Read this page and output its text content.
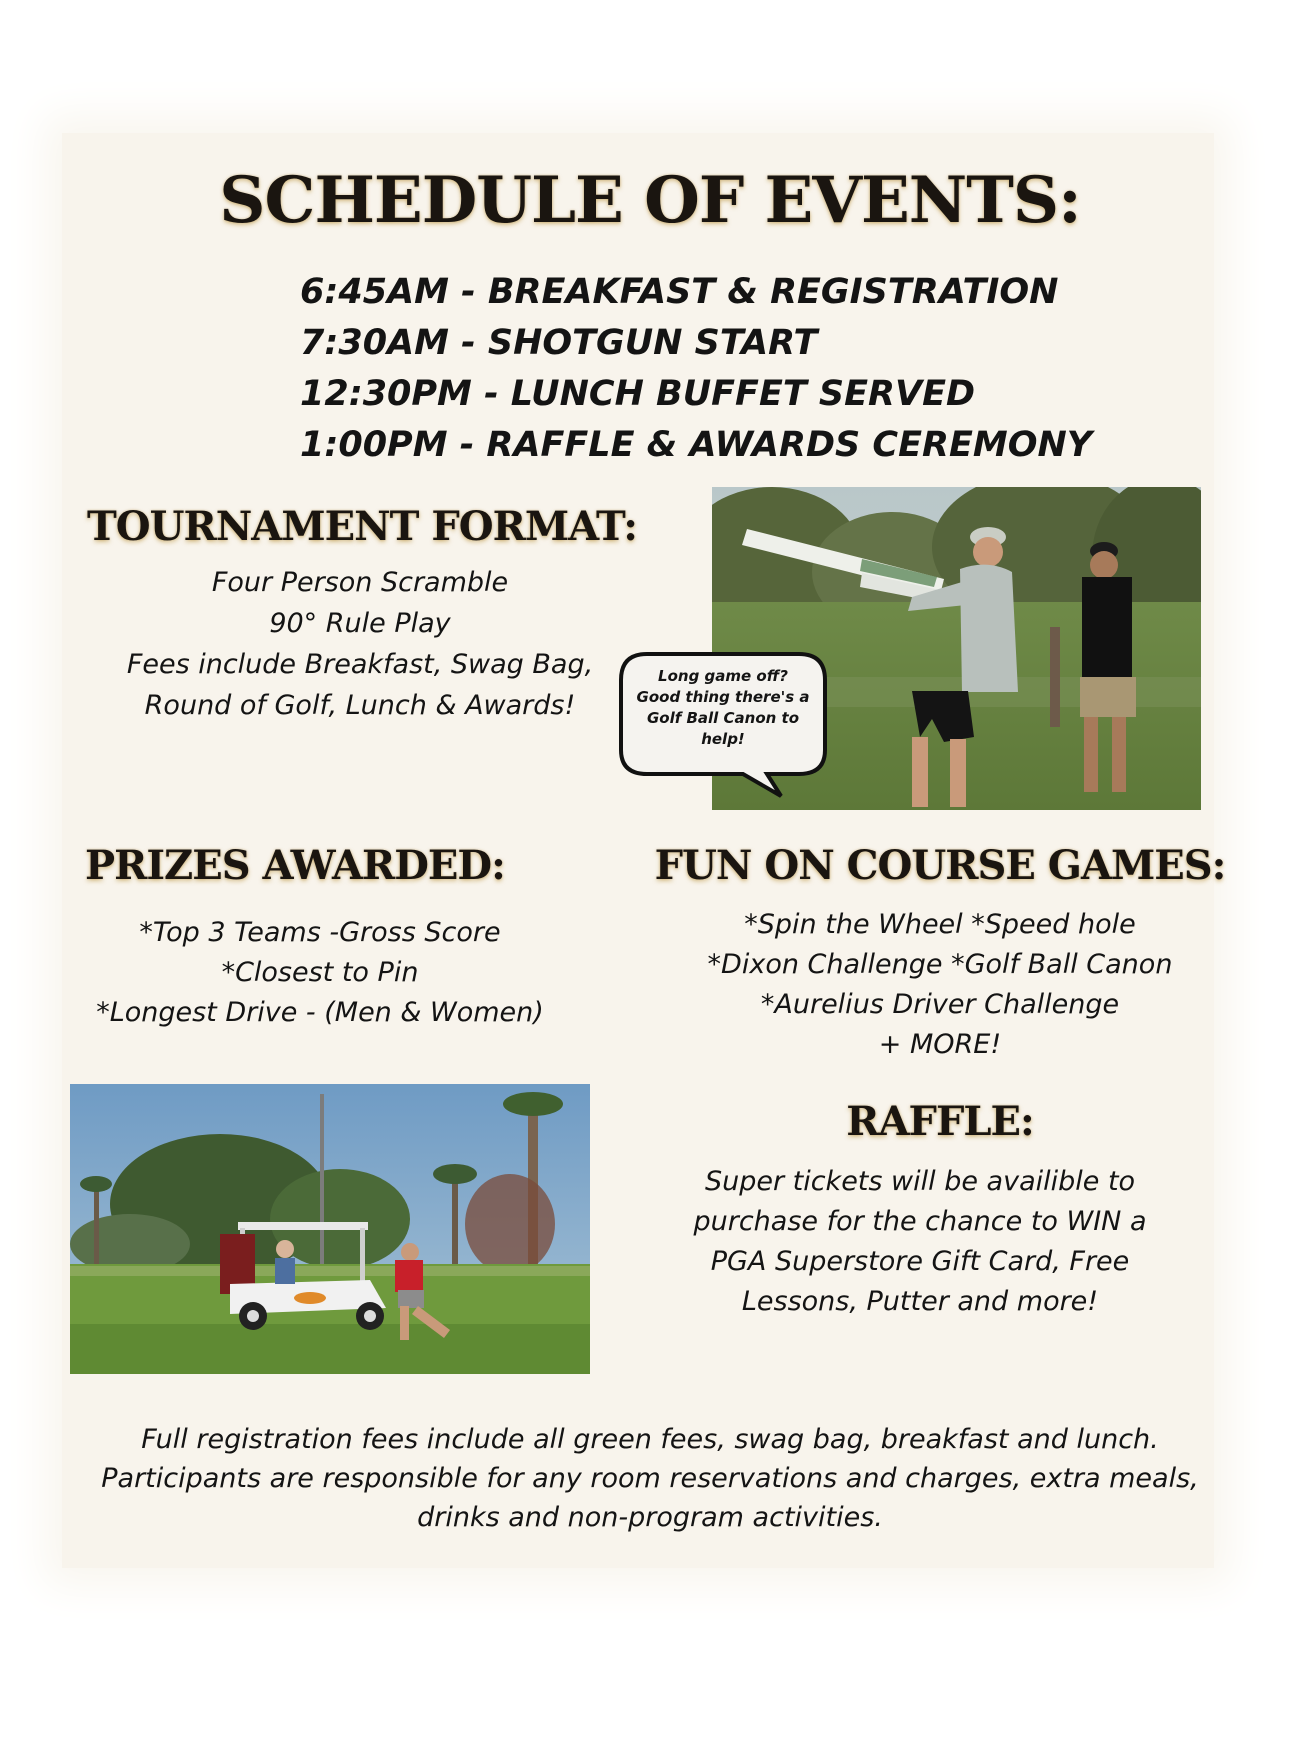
SCHEDULE OF EVENTS:
6:45AM - BREAKFAST & REGISTRATION
7:30AM - SHOTGUN START
12:30PM - LUNCH BUFFET SERVED
1:00PM - RAFFLE & AWARDS CEREMONY
TOURNAMENT FORMAT:
Four Person Scramble
90° Rule Play
Fees include Breakfast, Swag Bag,
Round of Golf, Lunch & Awards!
Long game off?
Good thing there's a
Golf Ball Canon to
help!
PRIZES AWARDED:
*Top 3 Teams -Gross Score
*Closest to Pin
*Longest Drive - (Men & Women)
FUN ON COURSE GAMES:
*Spin the Wheel *Speed hole
*Dixon Challenge *Golf Ball Canon
*Aurelius Driver Challenge
+ MORE!
RAFFLE:
Super tickets will be availible to
purchase for the chance to WIN a
PGA Superstore Gift Card, Free
Lessons, Putter and more!
Full registration fees include all green fees, swag bag, breakfast and lunch.
Participants are responsible for any room reservations and charges, extra meals,
drinks and non-program activities.
